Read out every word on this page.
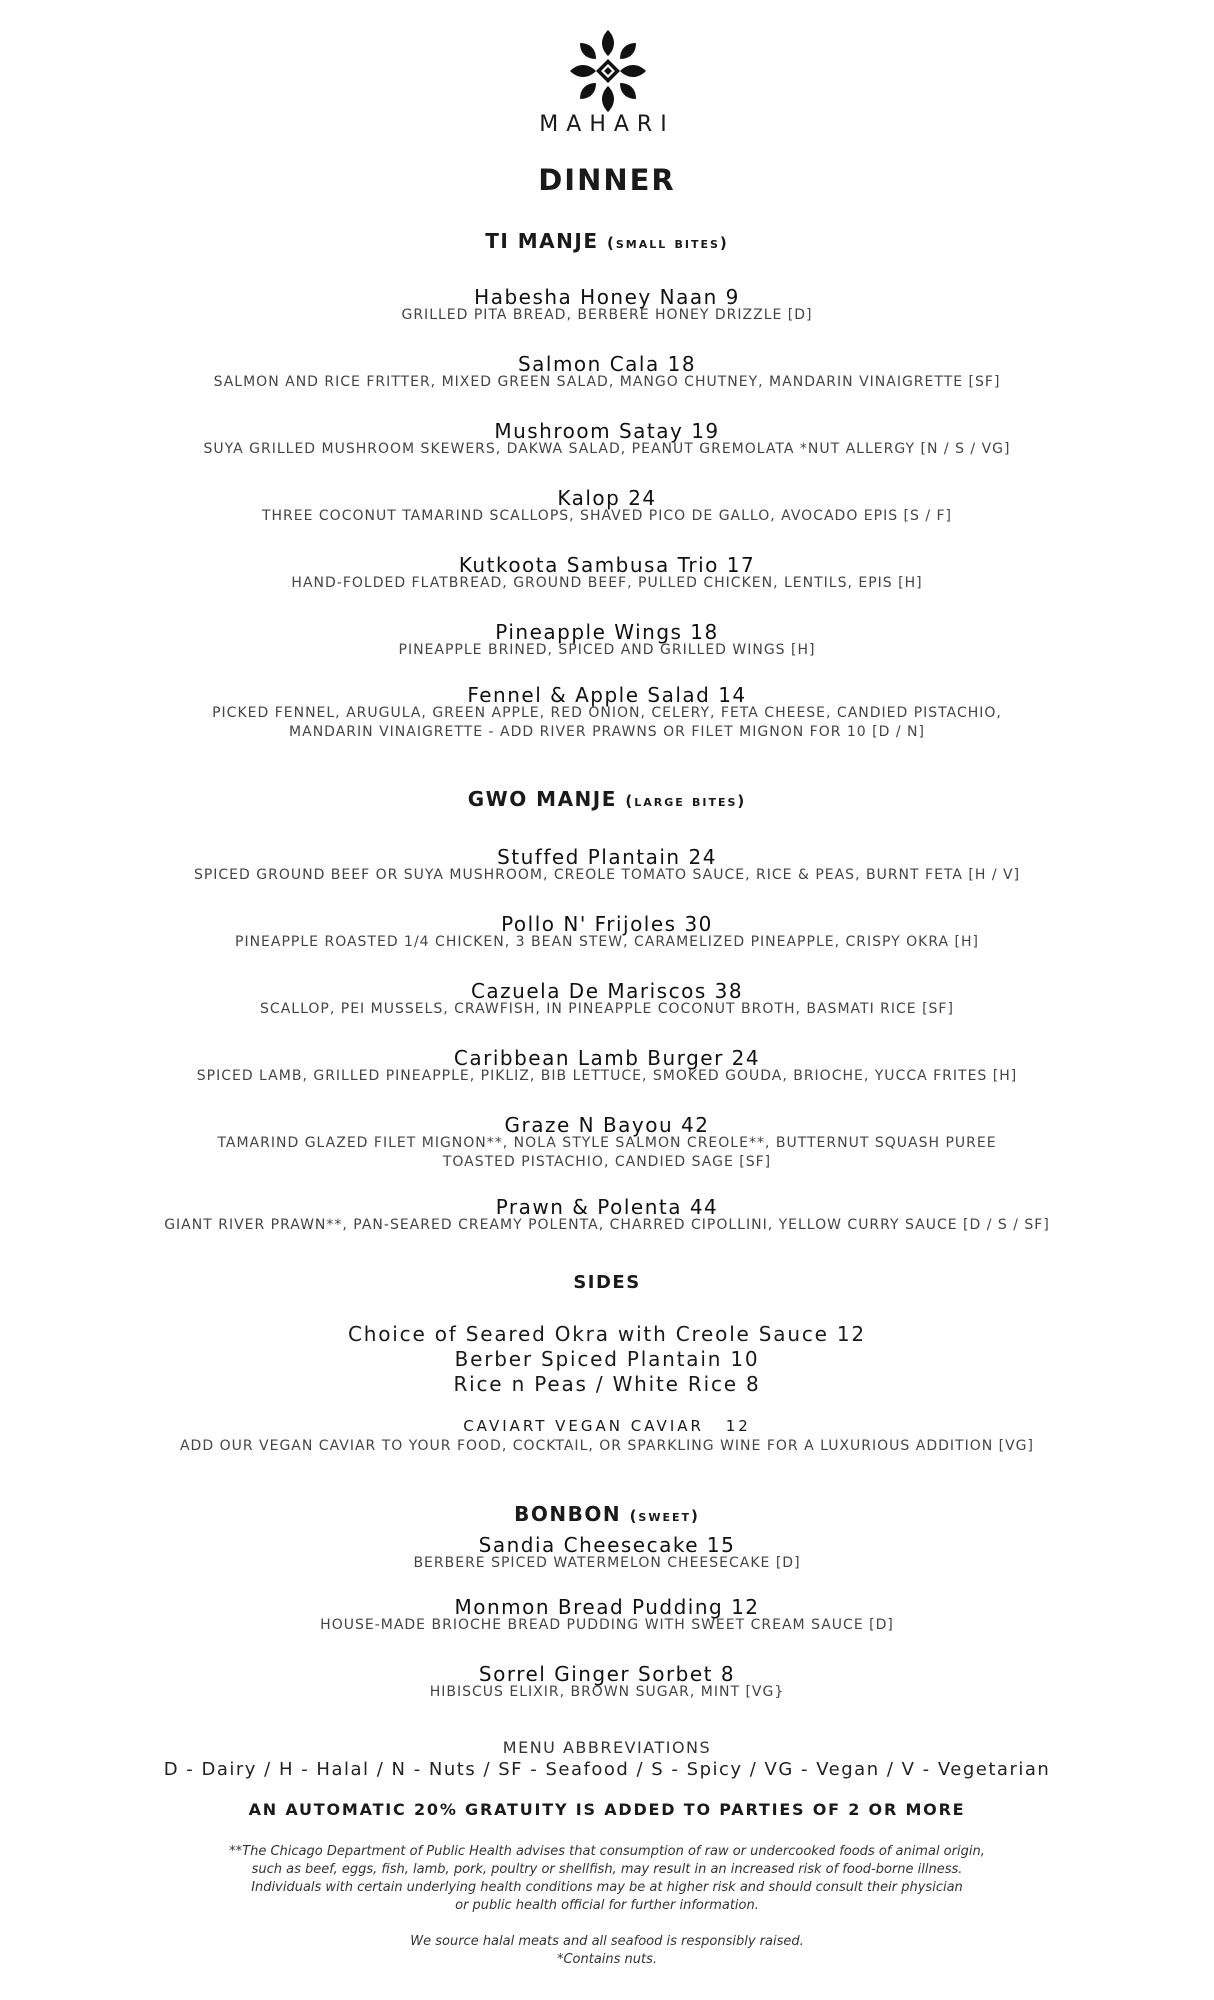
MAHARI
DINNER
TI MANJE (small bites)
Habesha Honey Naan 9
GRILLED PITA BREAD, BERBERE HONEY DRIZZLE [D]
Salmon Cala 18
SALMON AND RICE FRITTER, MIXED GREEN SALAD, MANGO CHUTNEY, MANDARIN VINAIGRETTE [SF]
Mushroom Satay 19
SUYA GRILLED MUSHROOM SKEWERS, DAKWA SALAD, PEANUT GREMOLATA *NUT ALLERGY [N / S / VG]
Kalop 24
THREE COCONUT TAMARIND SCALLOPS, SHAVED PICO DE GALLO, AVOCADO EPIS [S / F]
Kutkoota Sambusa Trio 17
HAND-FOLDED FLATBREAD, GROUND BEEF, PULLED CHICKEN, LENTILS, EPIS [H]
Pineapple Wings 18
PINEAPPLE BRINED, SPICED AND GRILLED WINGS [H]
Fennel & Apple Salad 14
PICKED FENNEL, ARUGULA, GREEN APPLE, RED ONION, CELERY, FETA CHEESE, CANDIED PISTACHIO,
MANDARIN VINAIGRETTE - ADD RIVER PRAWNS OR FILET MIGNON FOR 10 [D / N]
GWO MANJE (large bites)
Stuffed Plantain 24
SPICED GROUND BEEF OR SUYA MUSHROOM, CREOLE TOMATO SAUCE, RICE & PEAS, BURNT FETA [H / V]
Pollo N' Frijoles 30
PINEAPPLE ROASTED 1/4 CHICKEN, 3 BEAN STEW, CARAMELIZED PINEAPPLE, CRISPY OKRA [H]
Cazuela De Mariscos 38
SCALLOP, PEI MUSSELS, CRAWFISH, IN PINEAPPLE COCONUT BROTH, BASMATI RICE [SF]
Caribbean Lamb Burger 24
SPICED LAMB, GRILLED PINEAPPLE, PIKLIZ, BIB LETTUCE, SMOKED GOUDA, BRIOCHE, YUCCA FRITES [H]
Graze N Bayou 42
TAMARIND GLAZED FILET MIGNON**, NOLA STYLE SALMON CREOLE**, BUTTERNUT SQUASH PUREE
TOASTED PISTACHIO, CANDIED SAGE [SF]
Prawn & Polenta 44
GIANT RIVER PRAWN**, PAN-SEARED CREAMY POLENTA, CHARRED CIPOLLINI, YELLOW CURRY SAUCE [D / S / SF]
SIDES
Choice of Seared Okra with Creole Sauce 12
Berber Spiced Plantain 10
Rice n Peas / White Rice 8
CAVIART VEGAN CAVIAR 12
ADD OUR VEGAN CAVIAR TO YOUR FOOD, COCKTAIL, OR SPARKLING WINE FOR A LUXURIOUS ADDITION [VG]
BONBON (sweet)
Sandia Cheesecake 15
BERBERE SPICED WATERMELON CHEESECAKE [D]
Monmon Bread Pudding 12
HOUSE-MADE BRIOCHE BREAD PUDDING WITH SWEET CREAM SAUCE [D]
Sorrel Ginger Sorbet 8
HIBISCUS ELIXIR, BROWN SUGAR, MINT [VG}
MENU ABBREVIATIONS
D - Dairy / H - Halal / N - Nuts / SF - Seafood / S - Spicy / VG - Vegan / V - Vegetarian
AN AUTOMATIC 20% GRATUITY IS ADDED TO PARTIES OF 2 OR MORE
**The Chicago Department of Public Health advises that consumption of raw or undercooked foods of animal origin,
such as beef, eggs, fish, lamb, pork, poultry or shellfish, may result in an increased risk of food-borne illness.
Individuals with certain underlying health conditions may be at higher risk and should consult their physician
or public health official for further information.
We source halal meats and all seafood is responsibly raised.
*Contains nuts.
